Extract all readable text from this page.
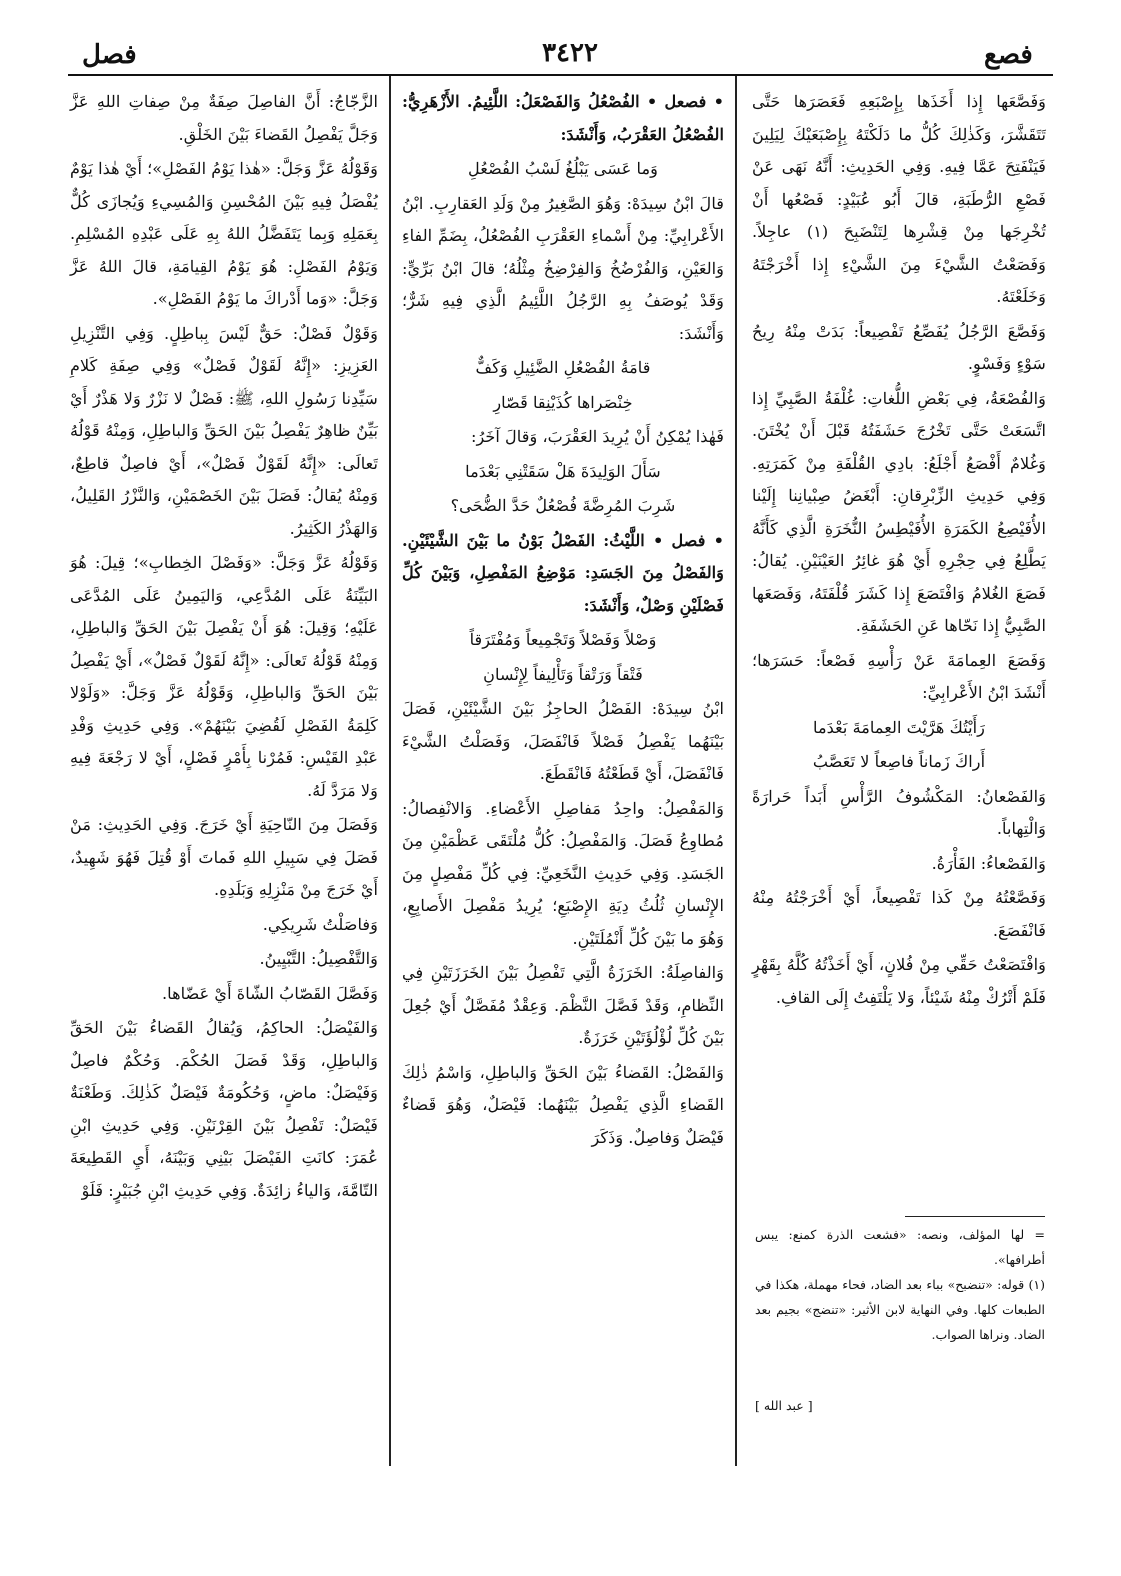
فصل	٣٤٢٢	فصع

وَفَصَّعَها إِذا أَخَذَها بِإِصْبَعِهِ فَعَصَرَها حَتَّى تَتَقَشَّرَ، وَكَذٰلِكَ كُلُّ ما دَلَكْتَهُ بِإِصْبَعَيْكَ لِيَلِينَ فَيَنْفَتِحَ عَمَّا فِيهِ. وَفِي الحَدِيثِ: أَنَّهُ نَهَى عَنْ فَصْعِ الرُّطَبَةِ، قالَ أَبُو عُبَيْدٍ: فَصْعُها أَنْ تُخْرِجَها مِنْ قِشْرِها لِتَنْضَبِحَ (١) عاجِلاً. وَفَصَعْتُ الشَّيْءَ مِنَ الشَّيْءِ إِذا أَخْرَجْتَهُ وَخَلَعْتَهُ.

وَفَصَّعَ الرَّجُلُ يُفَصِّعُ تَفْصِيعاً: بَدَتْ مِنْهُ رِيحُ سَوْءٍ وَفَسْوٍ.

وَالفُصْعَةُ، فِي بَعْضِ اللُّغاتِ: غُلْفَةُ الصَّبِيِّ إِذا اتَّسَعَتْ حَتَّى تَخْرُجَ حَشَفَتُهُ قَبْلَ أَنْ يُخْتَنَ. وَغُلامٌ أَفْصَعُ أَجْلَعُ: بادِي القُلْفَةِ مِنْ كَمَرَتِهِ. وَفِي حَدِيثِ الزِّبْرِقانِ: أَبْغَضُ صِبْيانِنا إِلَيْنا الأُفَيْصِعُ الكَمَرَةِ الأُفَيْطِسُ النُّخَرَةِ الَّذِي كَأَنَّهُ يَطَّلِعُ فِي حِجْرِهِ أَيْ هُوَ غائِرُ العَيْنَيْنِ. يُقالُ: فَصَعَ الغُلامُ وَافْتَصَعَ إِذا كَشَرَ قُلْفَتَهُ، وَفَصَعَها الصَّبِيُّ إِذا نَحّاها عَنِ الحَشَفَةِ.

وَفَصَعَ العِمامَةَ عَنْ رَأْسِهِ فَصْعاً: حَسَرَها؛ أَنْشَدَ ابْنُ الأَعْرابِيِّ:

رَأَيْتُكَ هَرَّيْتَ العِمامَةَ بَعْدَما

أَراكَ زَماناً فاصِعاً لا تَعَصَّبُ

وَالفَصْعانُ: المَكْشُوفُ الرَّأْسِ أَبَداً حَرارَةً وَالْتِهاباً.

وَالفَصْعاءُ: الفَأْرَةُ.

وَفَصَّعْتُهُ مِنْ كَذا تَفْصِيعاً، أَيْ أَخْرَجْتُهُ مِنْهُ فَانْفَصَعَ.

وَافْتَصَعْتُ حَقِّي مِنْ فُلانٍ، أَيْ أَخَذْتُهُ كُلَّهُ بِقَهْرٍ فَلَمْ أَتْرُكْ مِنْهُ شَيْئاً، وَلا يَلْتَفِتُ إِلَى القافِ.

= لها المؤلف، ونصه: «فشعت الذرة كمنع: يبس أطرافها».

(١) قوله: «تنضبح» بباء بعد الضاد، فحاء مهملة، هكذا في الطبعات كلها. وفي النهاية لابن الأثير: «تنضج» بجيم بعد الضاد. ونراها الصواب.

[ عبد الله ]

• فصعل • الفُصْعُلُ وَالفَصْعَلُ: اللَّئِيمُ. الأَزْهَرِيُّ: الفُصْعُلُ العَقْرَبُ، وَأَنْشَدَ:

وَما عَسَى يَبْلُغُ لَسْبُ الفُصْعُلِ

قالَ ابْنُ سِيدَهْ: وَهُوَ الصَّغِيرُ مِنْ وَلَدِ العَقارِبِ. ابْنُ الأَعْرابِيِّ: مِنْ أَسْماءِ العَقْرَبِ الفُصْعُلُ، بِضَمِّ الفاءِ وَالعَيْنِ، وَالفُرْضُخُ وَالفِرْضِخُ مِثْلُهُ؛ قالَ ابْنُ بَرِّيٍّ: وَقَدْ يُوصَفُ بِهِ الرَّجُلُ اللَّئِيمُ الَّذِي فِيهِ شَرٌّ؛ وَأَنْشَدَ:

قامَةُ الفُصْعُلِ الضَّئِيلِ وَكَفٌّ

خِنْصَراها كُذَيْنِقا قَصّارِ

فَهٰذا يُمْكِنُ أَنْ يُرِيدَ العَقْرَبَ، وَقالَ آخَرُ:

سَأَلَ الوَلِيدَةَ هَلْ سَقَتْنِي بَعْدَما

شَرِبَ المُرِضَّةَ فُصْعُلٌ حَدَّ الضُّحَى؟

• فصل • اللَّيْثُ: الفَصْلُ بَوْنُ ما بَيْنَ الشَّيْئَيْنِ. وَالفَصْلُ مِنَ الجَسَدِ: مَوْضِعُ المَفْصِلِ، وَبَيْنَ كُلِّ فَصْلَيْنِ وَصْلٌ، وَأَنْشَدَ:

وَصْلاً وَفَصْلاً وَتَجْمِيعاً وَمُفْتَرَقاً

فَتْقاً وَرَتْقاً وَتَأْلِيفاً لِإِنْسانِ

ابْنُ سِيدَهْ: الفَصْلُ الحاجِزُ بَيْنَ الشَّيْئَيْنِ، فَصَلَ بَيْنَهُما يَفْصِلُ فَصْلاً فَانْفَصَلَ، وَفَصَلْتُ الشَّيْءَ فَانْفَصَلَ، أَيْ قَطَعْتُهُ فَانْقَطَعَ.

وَالمَفْصِلُ: واحِدُ مَفاصِلِ الأَعْضاءِ. وَالانْفِصالُ: مُطاوِعُ فَصَلَ. وَالمَفْصِلُ: كُلُّ مُلْتَقَى عَظْمَيْنِ مِنَ الجَسَدِ. وَفِي حَدِيثِ النَّخَعِيِّ: فِي كُلِّ مَفْصِلٍ مِنَ الإِنْسانِ ثُلُثُ دِيَةِ الإِصْبَعِ؛ يُرِيدُ مَفْصِلَ الأَصابِعِ، وَهُوَ ما بَيْنَ كُلِّ أَنْمُلَتَيْنِ.

وَالفاصِلَةُ: الخَرَزَةُ الَّتِي تَفْصِلُ بَيْنَ الخَرَزَتَيْنِ فِي النِّظامِ، وَقَدْ فَصَّلَ النَّظْمَ. وَعِقْدٌ مُفَصَّلٌ أَيْ جُعِلَ بَيْنَ كُلِّ لُؤْلُؤَتَيْنِ خَرَزَةٌ.

وَالفَصْلُ: القَضاءُ بَيْنَ الحَقِّ وَالباطِلِ، وَاسْمُ ذٰلِكَ القَضاءِ الَّذِي يَفْصِلُ بَيْنَهُما: فَيْصَلٌ، وَهُوَ قَضاءٌ فَيْصَلٌ وَفاصِلٌ. وَذَكَرَ

الزَّجّاجُ: أَنَّ الفاصِلَ صِفَةٌ مِنْ صِفاتِ اللهِ عَزَّ وَجَلَّ يَفْصِلُ القَضاءَ بَيْنَ الخَلْقِ.

وَقَوْلُهُ عَزَّ وَجَلَّ: «هٰذا يَوْمُ الفَصْلِ»؛ أَيْ هٰذا يَوْمٌ يُفْصَلُ فِيهِ بَيْنَ المُحْسِنِ وَالمُسِيءِ وَيُجازَى كُلٌّ بِعَمَلِهِ وَبِما يَتَفَضَّلُ اللهُ بِهِ عَلَى عَبْدِهِ المُسْلِمِ. وَيَوْمُ الفَصْلِ: هُوَ يَوْمُ القِيامَةِ، قالَ اللهُ عَزَّ وَجَلَّ: «وَما أَدْراكَ ما يَوْمُ الفَصْلِ».

وَقَوْلٌ فَصْلٌ: حَقٌّ لَيْسَ بِباطِلٍ. وَفِي التَّنْزِيلِ العَزِيزِ: «إِنَّهُ لَقَوْلٌ فَصْلٌ» وَفِي صِفَةِ كَلامِ سَيِّدِنا رَسُولِ اللهِ، ﷺ: فَصْلٌ لا نَزْرٌ وَلا هَذْرٌ أَيْ بَيِّنٌ ظاهِرٌ يَفْصِلُ بَيْنَ الحَقِّ وَالباطِلِ، وَمِنْهُ قَوْلُهُ تَعالَى: «إِنَّهُ لَقَوْلٌ فَصْلٌ»، أَيْ فاصِلٌ قاطِعٌ، وَمِنْهُ يُقالُ: فَصَلَ بَيْنَ الخَصْمَيْنِ، وَالنَّزْرُ القَلِيلُ، وَالهَذْرُ الكَثِيرُ.

وَقَوْلُهُ عَزَّ وَجَلَّ: «وَفَصْلَ الخِطابِ»؛ قِيلَ: هُوَ البَيِّنَةُ عَلَى المُدَّعِي، وَاليَمِينُ عَلَى المُدَّعَى عَلَيْهِ؛ وَقِيلَ: هُوَ أَنْ يَفْصِلَ بَيْنَ الحَقِّ وَالباطِلِ، وَمِنْهُ قَوْلُهُ تَعالَى: «إِنَّهُ لَقَوْلٌ فَصْلٌ»، أَيْ يَفْصِلُ بَيْنَ الحَقِّ وَالباطِلِ، وَقَوْلُهُ عَزَّ وَجَلَّ: «وَلَوْلا كَلِمَةُ الفَصْلِ لَقُضِيَ بَيْنَهُمْ». وَفِي حَدِيثِ وَفْدِ عَبْدِ القَيْسِ: فَمُرْنا بِأَمْرٍ فَصْلٍ، أَيْ لا رَجْعَةَ فِيهِ وَلا مَرَدَّ لَهُ.

وَفَصَلَ مِنَ النّاحِيَةِ أَيْ خَرَجَ. وَفِي الحَدِيثِ: مَنْ فَصَلَ فِي سَبِيلِ اللهِ فَماتَ أَوْ قُتِلَ فَهُوَ شَهِيدٌ، أَيْ خَرَجَ مِنْ مَنْزِلِهِ وَبَلَدِهِ.

وَفاصَلْتُ شَرِيكِي.

وَالتَّفْصِيلُ: التَّبْيِينُ.

وَفَصَّلَ القَصّابُ الشّاةَ أَيْ عَضّاها.

وَالفَيْصَلُ: الحاكِمُ، وَيُقالُ القَضاءُ بَيْنَ الحَقِّ وَالباطِلِ، وَقَدْ فَصَلَ الحُكْمَ. وَحُكْمٌ فاصِلٌ وَفَيْصَلٌ: ماضٍ، وَحُكُومَةٌ فَيْصَلٌ كَذٰلِكَ. وَطَعْنَةٌ فَيْصَلٌ: تَفْصِلُ بَيْنَ القِرْنَيْنِ. وَفِي حَدِيثِ ابْنِ عُمَرَ: كانَتِ الفَيْصَلَ بَيْنِي وَبَيْنَهُ، أَيِ القَطِيعَةَ التّامَّةَ، وَالياءُ زائِدَةٌ. وَفِي حَدِيثِ ابْنِ جُبَيْرٍ: فَلَوْ
